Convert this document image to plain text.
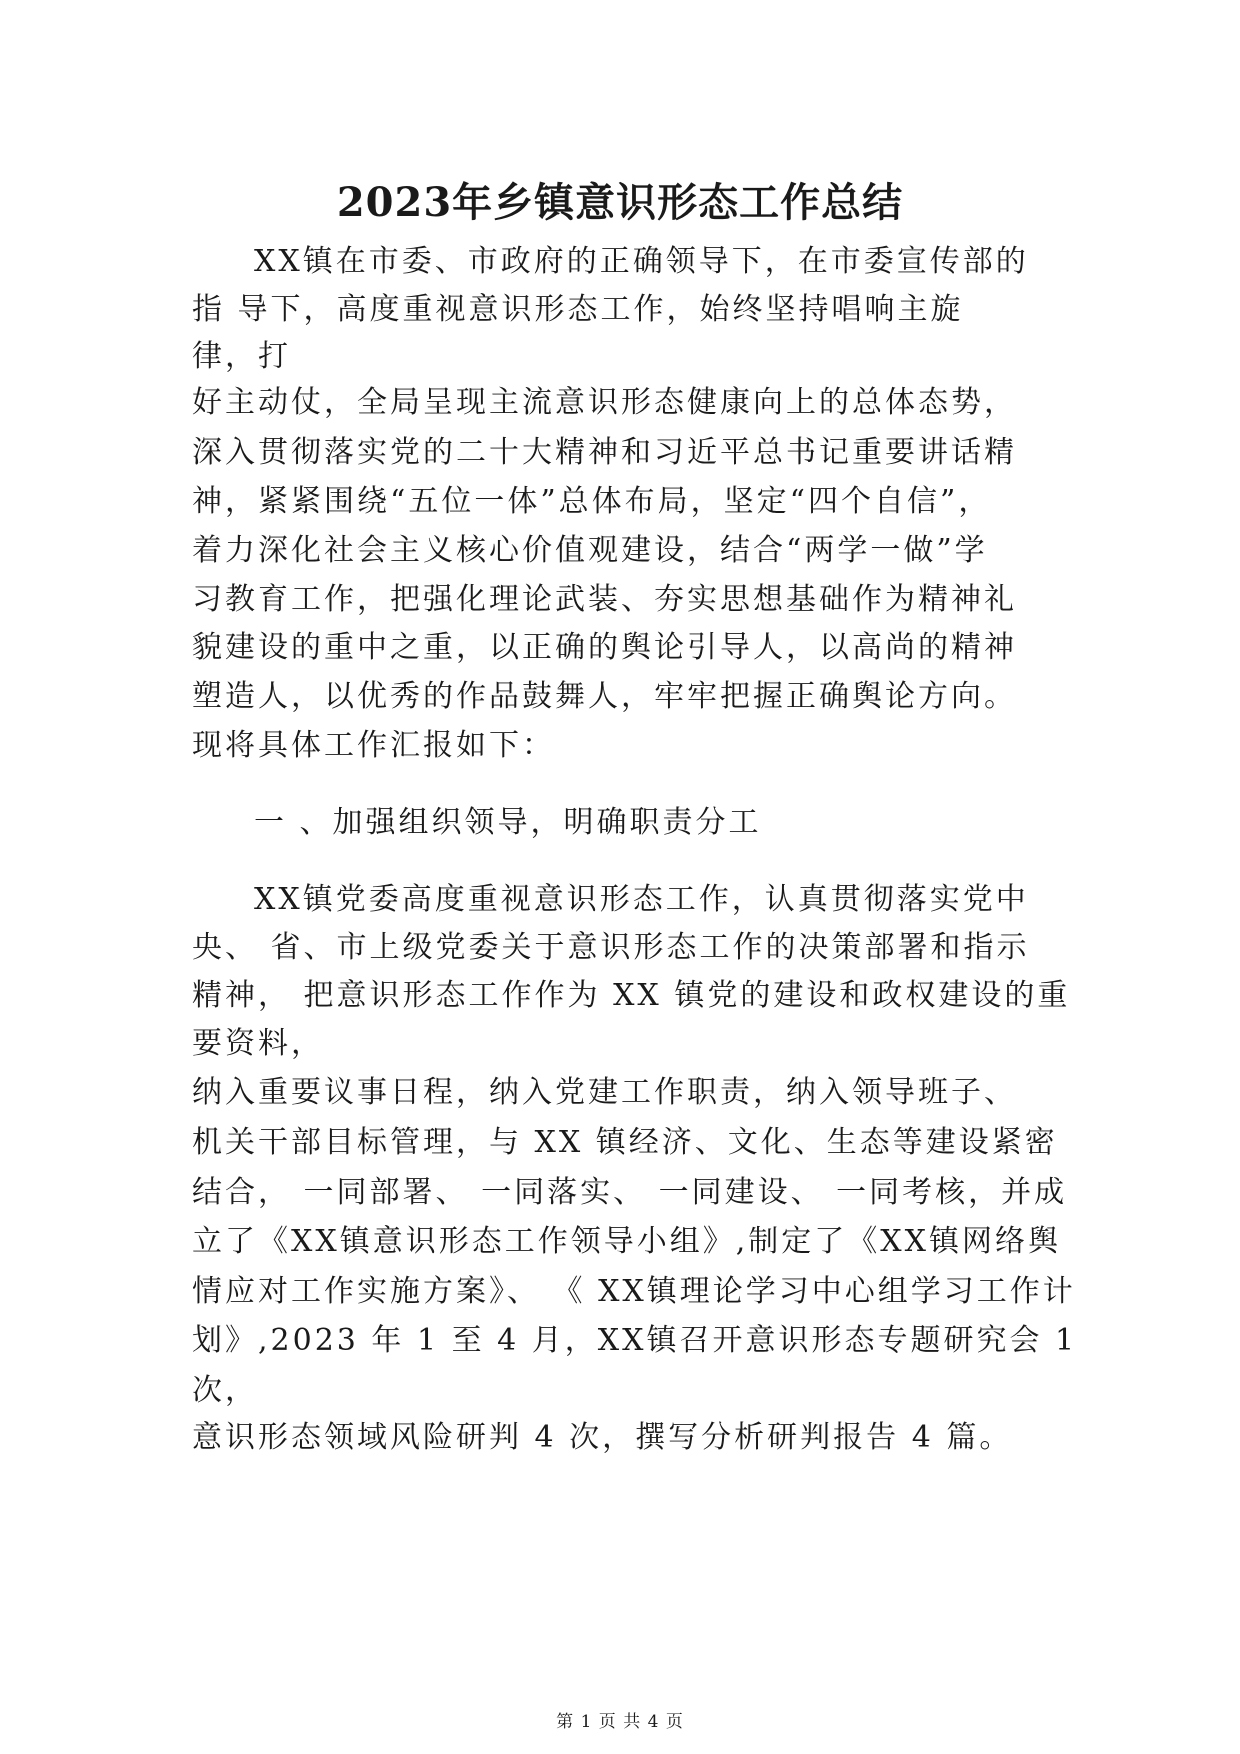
2023年乡镇意识形态工作总结
XX镇在市委、市政府的正确领导下，在市委宣传部的
指 导下，高度重视意识形态工作，始终坚持唱响主旋
律，打
好主动仗，全局呈现主流意识形态健康向上的总体态势，
深入贯彻落实党的二十大精神和习近平总书记重要讲话精
神，紧紧围绕“五位一体”总体布局，坚定“四个自信”，
着力深化社会主义核心价值观建设，结合“两学一做”学
习教育工作，把强化理论武装、夯实思想基础作为精神礼
貌建设的重中之重，以正确的舆论引导人，以高尚的精神
塑造人，以优秀的作品鼓舞人，牢牢把握正确舆论方向。
现将具体工作汇报如下：
一 、加强组织领导，明确职责分工
XX镇党委高度重视意识形态工作，认真贯彻落实党中
央、 省、市上级党委关于意识形态工作的决策部署和指示
精神， 把意识形态工作作为 XX 镇党的建设和政权建设的重
要资料，
纳入重要议事日程，纳入党建工作职责，纳入领导班子、
机关干部目标管理，与 XX 镇经济、文化、生态等建设紧密
结合， 一同部署、 一同落实、 一同建设、 一同考核，并成
立了《XX镇意识形态工作领导小组》,制定了《XX镇网络舆
情应对工作实施方案》、 《 XX镇理论学习中心组学习工作计
划》,2023 年 1 至 4 月，XX镇召开意识形态专题研究会 1
次，
意识形态领域风险研判 4 次，撰写分析研判报告 4 篇。
第 1 页 共 4 页
